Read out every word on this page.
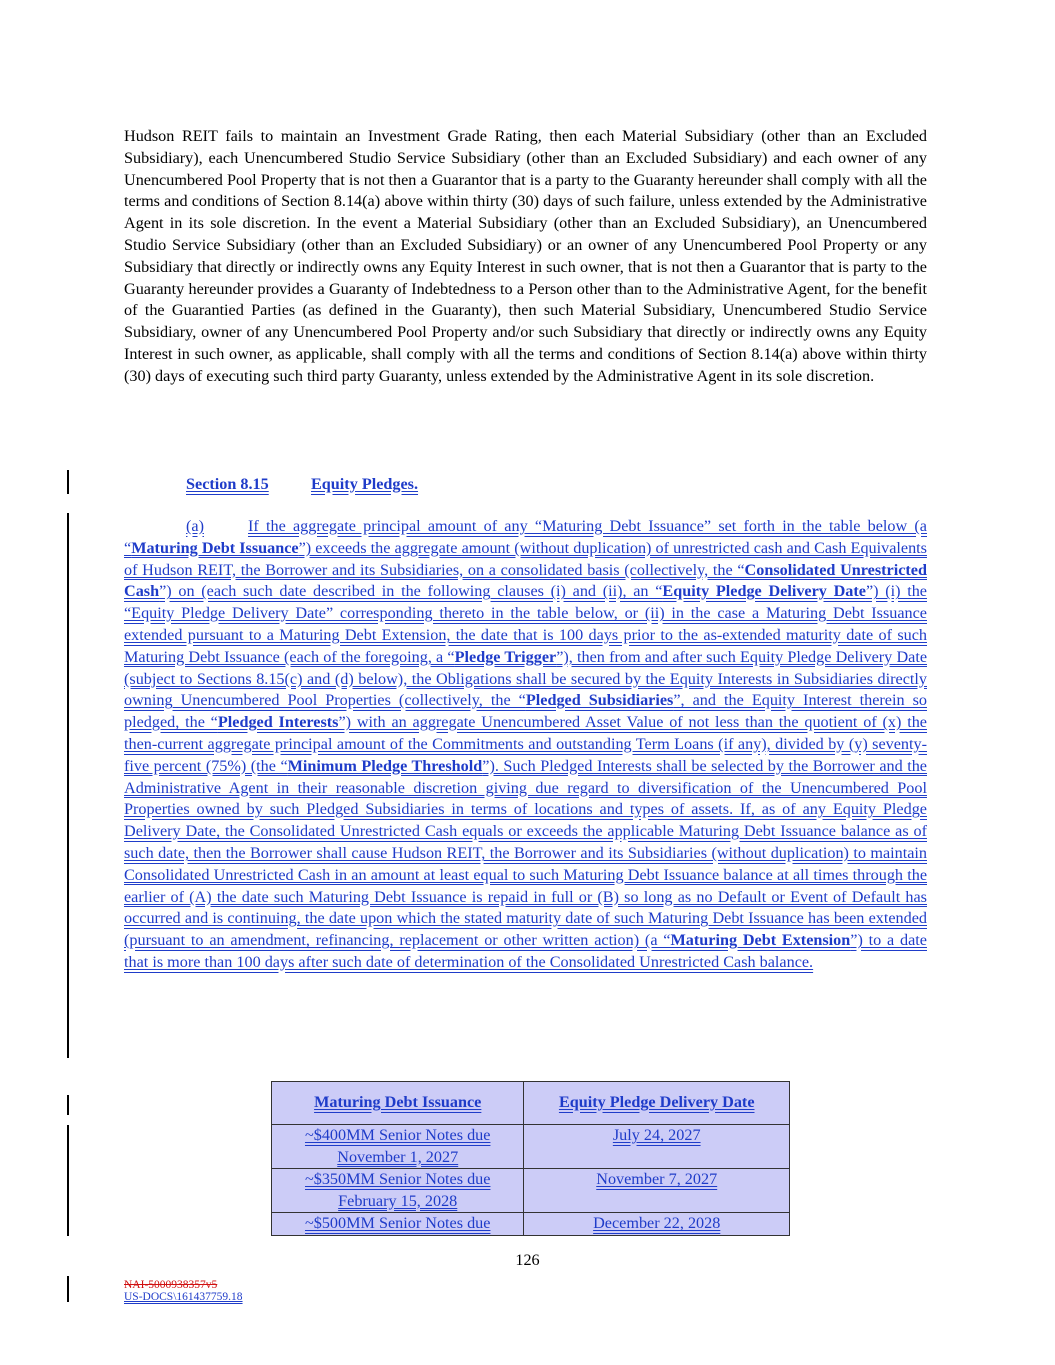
Hudson REIT fails to maintain an Investment Grade Rating, then each Material Subsidiary (other than an Excluded Subsidiary), each Unencumbered Studio Service Subsidiary (other than an Excluded Subsidiary) and each owner of any Unencumbered Pool Property that is not then a Guarantor that is a party to the Guaranty hereunder shall comply with all the terms and conditions of Section 8.14(a) above within thirty (30) days of such failure, unless extended by the Administrative Agent in its sole discretion. In the event a Material Subsidiary (other than an Excluded Subsidiary), an Unencumbered Studio Service Subsidiary (other than an Excluded Subsidiary) or an owner of any Unencumbered Pool Property or any Subsidiary that directly or indirectly owns any Equity Interest in such owner, that is not then a Guarantor that is party to the Guaranty hereunder provides a Guaranty of Indebtedness to a Person other than to the Administrative Agent, for the benefit of the Guarantied Parties (as defined in the Guaranty), then such Material Subsidiary, Unencumbered Studio Service Subsidiary, owner of any Unencumbered Pool Property and/or such Subsidiary that directly or indirectly owns any Equity Interest in such owner, as applicable, shall comply with all the terms and conditions of Section 8.14(a) above within thirty (30) days of executing such third party Guaranty, unless extended by the Administrative Agent in its sole discretion.

Section 8.15	Equity Pledges.

(a)	If the aggregate principal amount of any “Maturing Debt Issuance” set forth in the table below (a “Maturing Debt Issuance”) exceeds the aggregate amount (without duplication) of unrestricted cash and Cash Equivalents of Hudson REIT, the Borrower and its Subsidiaries, on a consolidated basis (collectively, the “Consolidated Unrestricted Cash”) on (each such date described in the following clauses (i) and (ii), an “Equity Pledge Delivery Date”) (i) the “Equity Pledge Delivery Date” corresponding thereto in the table below, or (ii) in the case a Maturing Debt Issuance extended pursuant to a Maturing Debt Extension, the date that is 100 days prior to the as-extended maturity date of such Maturing Debt Issuance (each of the foregoing, a “Pledge Trigger”), then from and after such Equity Pledge Delivery Date (subject to Sections 8.15(c) and (d) below), the Obligations shall be secured by the Equity Interests in Subsidiaries directly owning Unencumbered Pool Properties (collectively, the “Pledged Subsidiaries”, and the Equity Interest therein so pledged, the “Pledged Interests”) with an aggregate Unencumbered Asset Value of not less than the quotient of (x) the then-current aggregate principal amount of the Commitments and outstanding Term Loans (if any), divided by (y) seventy-five percent (75%) (the “Minimum Pledge Threshold”). Such Pledged Interests shall be selected by the Borrower and the Administrative Agent in their reasonable discretion giving due regard to diversification of the Unencumbered Pool Properties owned by such Pledged Subsidiaries in terms of locations and types of assets. If, as of any Equity Pledge Delivery Date, the Consolidated Unrestricted Cash equals or exceeds the applicable Maturing Debt Issuance balance as of such date, then the Borrower shall cause Hudson REIT, the Borrower and its Subsidiaries (without duplication) to maintain Consolidated Unrestricted Cash in an amount at least equal to such Maturing Debt Issuance balance at all times through the earlier of (A) the date such Maturing Debt Issuance is repaid in full or (B) so long as no Default or Event of Default has occurred and is continuing, the date upon which the stated maturity date of such Maturing Debt Issuance has been extended (pursuant to an amendment, refinancing, replacement or other written action) (a “Maturing Debt Extension”) to a date that is more than 100 days after such date of determination of the Consolidated Unrestricted Cash balance.

Maturing Debt Issuance	Equity Pledge Delivery Date
~$400MM Senior Notes due
November 1, 2027	July 24, 2027
~$350MM Senior Notes due
February 15, 2028	November 7, 2027
~$500MM Senior Notes due	December 22, 2028
126
NAI-5000938357v5
US-DOCS\161437759.18
